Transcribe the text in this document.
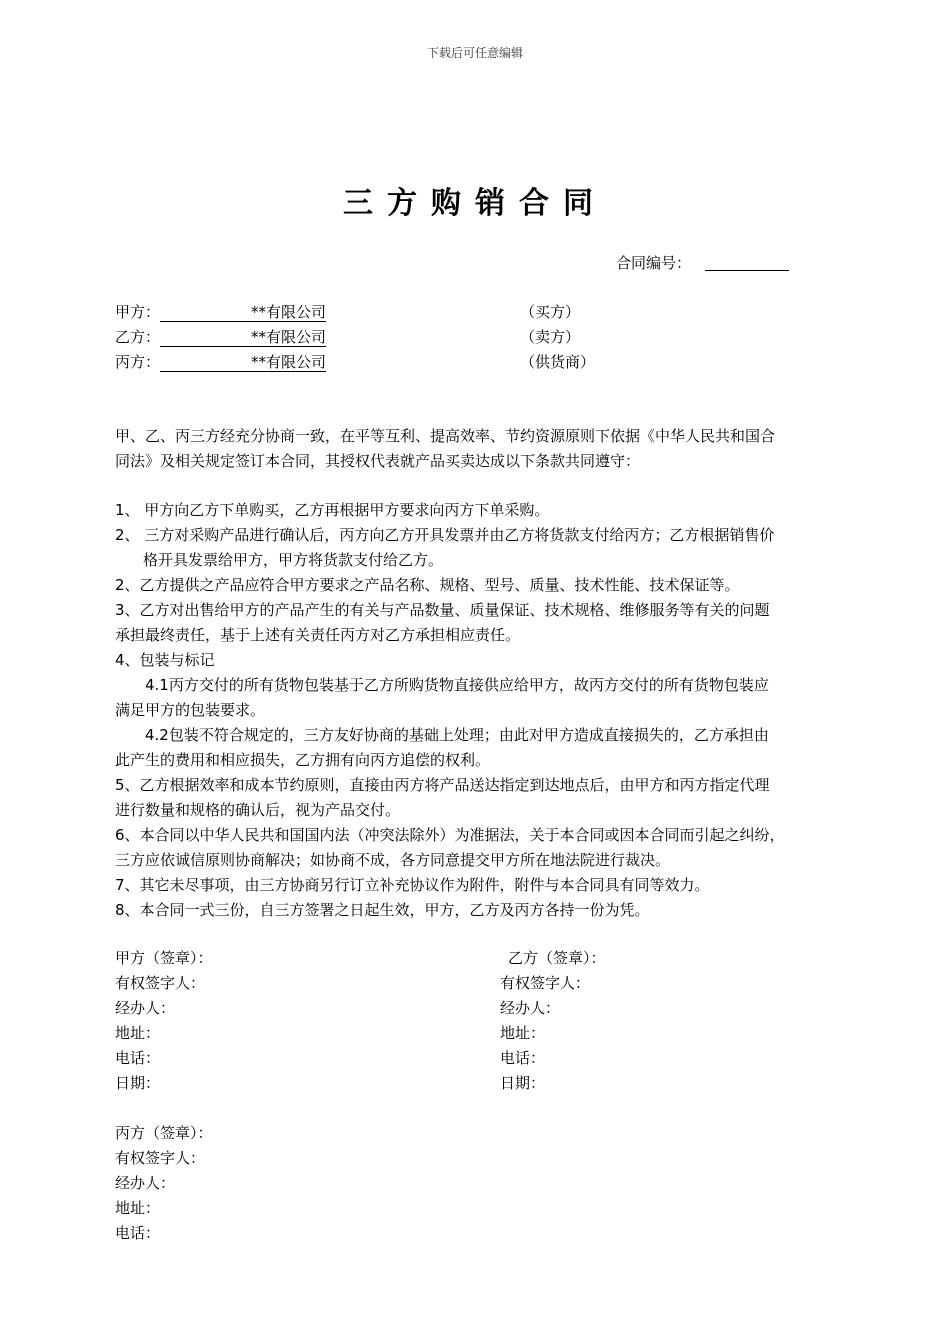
下载后可任意编辑
三方购销合同
合同编号：
甲方：	**有限公司	（买方）
乙方：	**有限公司	（卖方）
丙方：	**有限公司	（供货商）
甲、乙、丙三方经充分协商一致，在平等互利、提高效率、节约资源原则下依据《中华人民共和国合
同法》及相关规定签订本合同，其授权代表就产品买卖达成以下条款共同遵守：
1、 甲方向乙方下单购买，乙方再根据甲方要求向丙方下单采购。
2、 三方对采购产品进行确认后，丙方向乙方开具发票并由乙方将货款支付给丙方；乙方根据销售价
格开具发票给甲方，甲方将货款支付给乙方。
2、乙方提供之产品应符合甲方要求之产品名称、规格、型号、质量、技术性能、技术保证等。
3、乙方对出售给甲方的产品产生的有关与产品数量、质量保证、技术规格、维修服务等有关的问题
承担最终责任，基于上述有关责任丙方对乙方承担相应责任。
4、包装与标记
4.1丙方交付的所有货物包装基于乙方所购货物直接供应给甲方，故丙方交付的所有货物包装应
满足甲方的包装要求。
4.2包装不符合规定的，三方友好协商的基础上处理；由此对甲方造成直接损失的，乙方承担由
此产生的费用和相应损失，乙方拥有向丙方追偿的权利。
5、乙方根据效率和成本节约原则，直接由丙方将产品送达指定到达地点后，由甲方和丙方指定代理
进行数量和规格的确认后，视为产品交付。
6、本合同以中华人民共和国国内法（冲突法除外）为准据法，关于本合同或因本合同而引起之纠纷，
三方应依诚信原则协商解决；如协商不成，各方同意提交甲方所在地法院进行裁决。
7、其它未尽事项，由三方协商另行订立补充协议作为附件，附件与本合同具有同等效力。
8、本合同一式三份，自三方签署之日起生效，甲方，乙方及丙方各持一份为凭。
甲方（签章）：
有权签字人：
经办人：
地址：
电话：
日期：
乙方（签章）：
有权签字人：
经办人：
地址：
电话：
日期：
丙方（签章）：
有权签字人：
经办人：
地址：
电话：
